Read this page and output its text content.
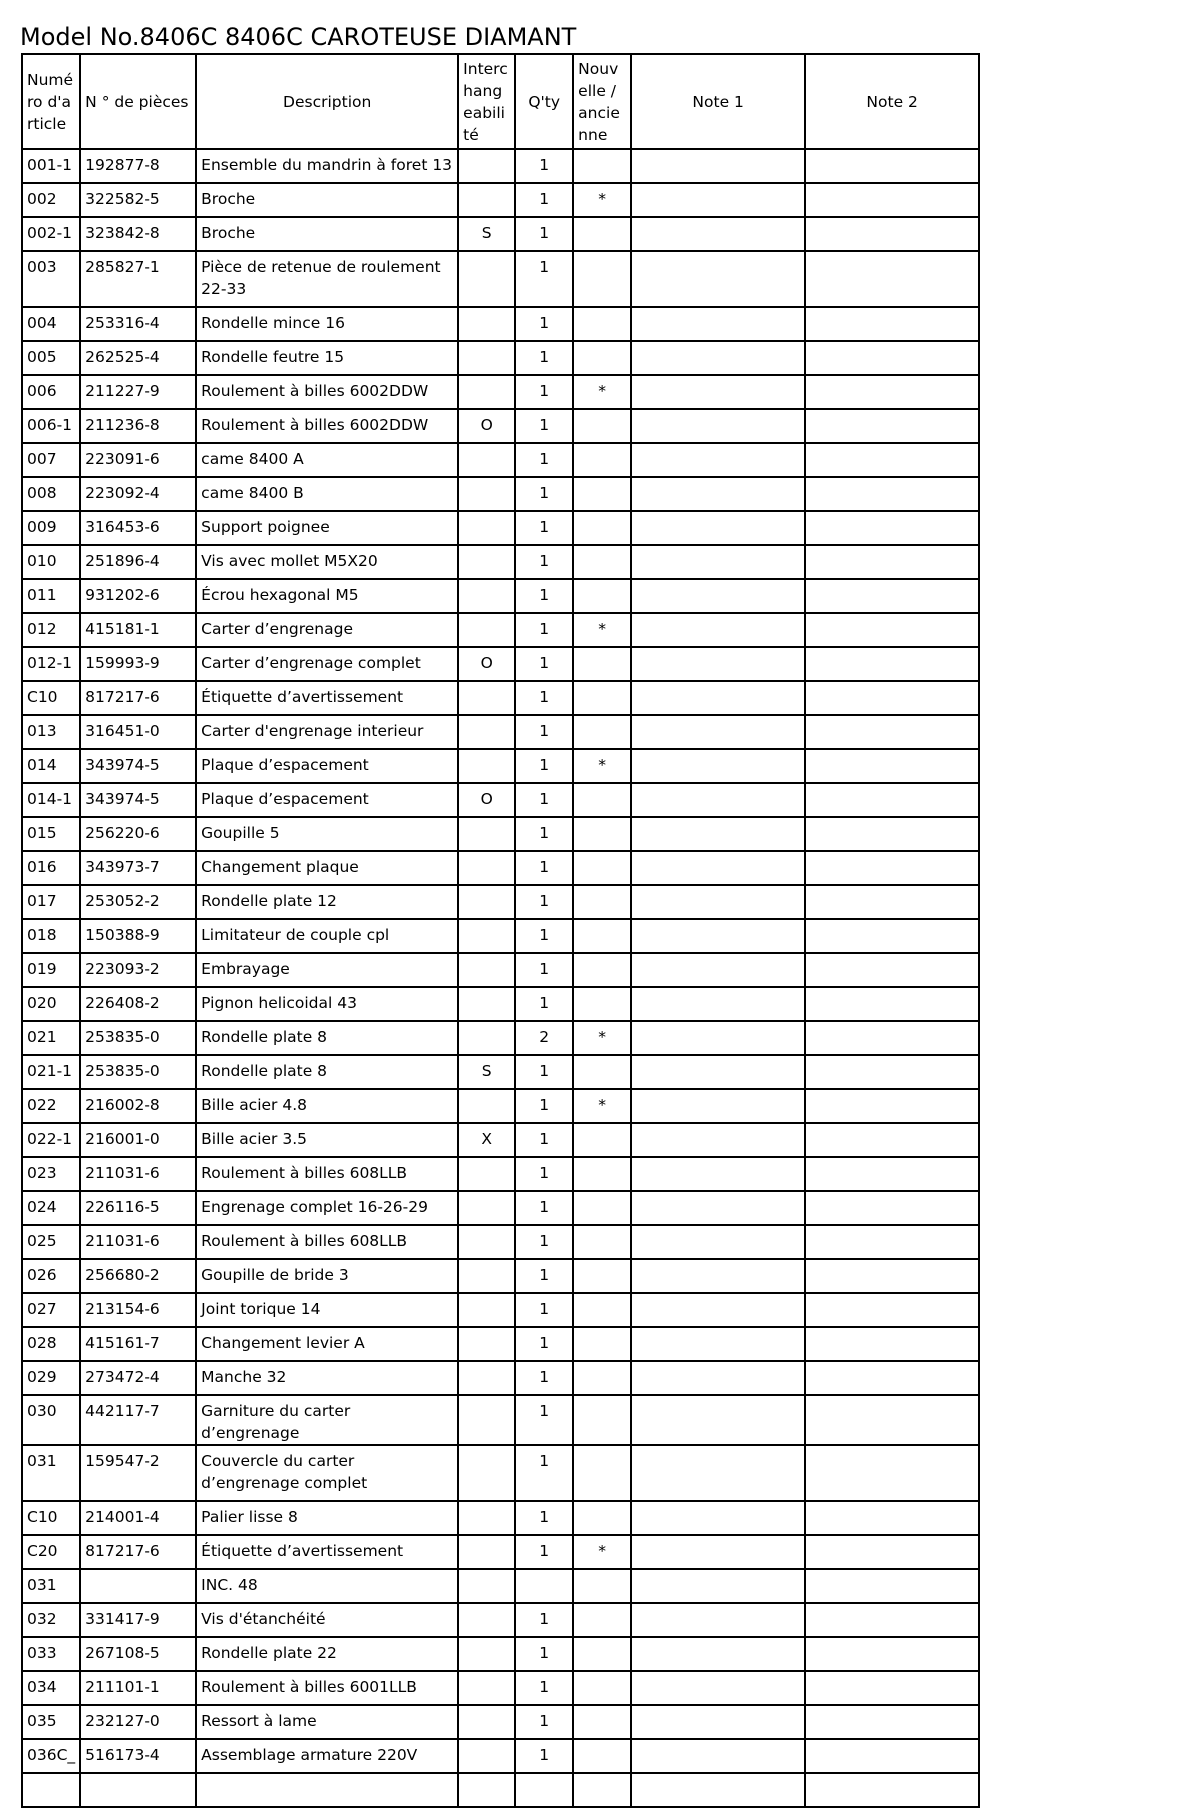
Model No.8406C 8406C CAROTEUSE DIAMANT
Numéro d'article	N ° de pièces	Description	Interchangeabilité	Q'ty	Nouvelle / ancienne	Note 1	Note 2
001-1	192877-8	Ensemble du mandrin à foret 13		1			
002	322582-5	Broche		1	*		
002-1	323842-8	Broche	S	1			
003	285827-1	Pièce de retenue de roulement 22-33		1			
004	253316-4	Rondelle mince 16		1			
005	262525-4	Rondelle feutre 15		1			
006	211227-9	Roulement à billes 6002DDW		1	*		
006-1	211236-8	Roulement à billes 6002DDW	O	1			
007	223091-6	came 8400 A		1			
008	223092-4	came 8400 B		1			
009	316453-6	Support poignee		1			
010	251896-4	Vis avec mollet M5X20		1			
011	931202-6	Écrou hexagonal M5		1			
012	415181-1	Carter d’engrenage		1	*		
012-1	159993-9	Carter d’engrenage complet	O	1			
C10	817217-6	Étiquette d’avertissement		1			
013	316451-0	Carter d'engrenage interieur		1			
014	343974-5	Plaque d’espacement		1	*		
014-1	343974-5	Plaque d’espacement	O	1			
015	256220-6	Goupille 5		1			
016	343973-7	Changement plaque		1			
017	253052-2	Rondelle plate 12		1			
018	150388-9	Limitateur de couple cpl		1			
019	223093-2	Embrayage		1			
020	226408-2	Pignon helicoidal 43		1			
021	253835-0	Rondelle plate 8		2	*		
021-1	253835-0	Rondelle plate 8	S	1			
022	216002-8	Bille acier 4.8		1	*		
022-1	216001-0	Bille acier 3.5	X	1			
023	211031-6	Roulement à billes 608LLB		1			
024	226116-5	Engrenage complet 16-26-29		1			
025	211031-6	Roulement à billes 608LLB		1			
026	256680-2	Goupille de bride 3		1			
027	213154-6	Joint torique 14		1			
028	415161-7	Changement levier A		1			
029	273472-4	Manche 32		1			
030	442117-7	Garniture du carter d’engrenage		1			
031	159547-2	Couvercle du carter d’engrenage complet		1			
C10	214001-4	Palier lisse 8		1			
C20	817217-6	Étiquette d’avertissement		1	*		
031		INC. 48					
032	331417-9	Vis d'étanchéité		1			
033	267108-5	Rondelle plate 22		1			
034	211101-1	Roulement à billes 6001LLB		1			
035	232127-0	Ressort à lame		1			
036C_	516173-4	Assemblage armature 220V		1			
